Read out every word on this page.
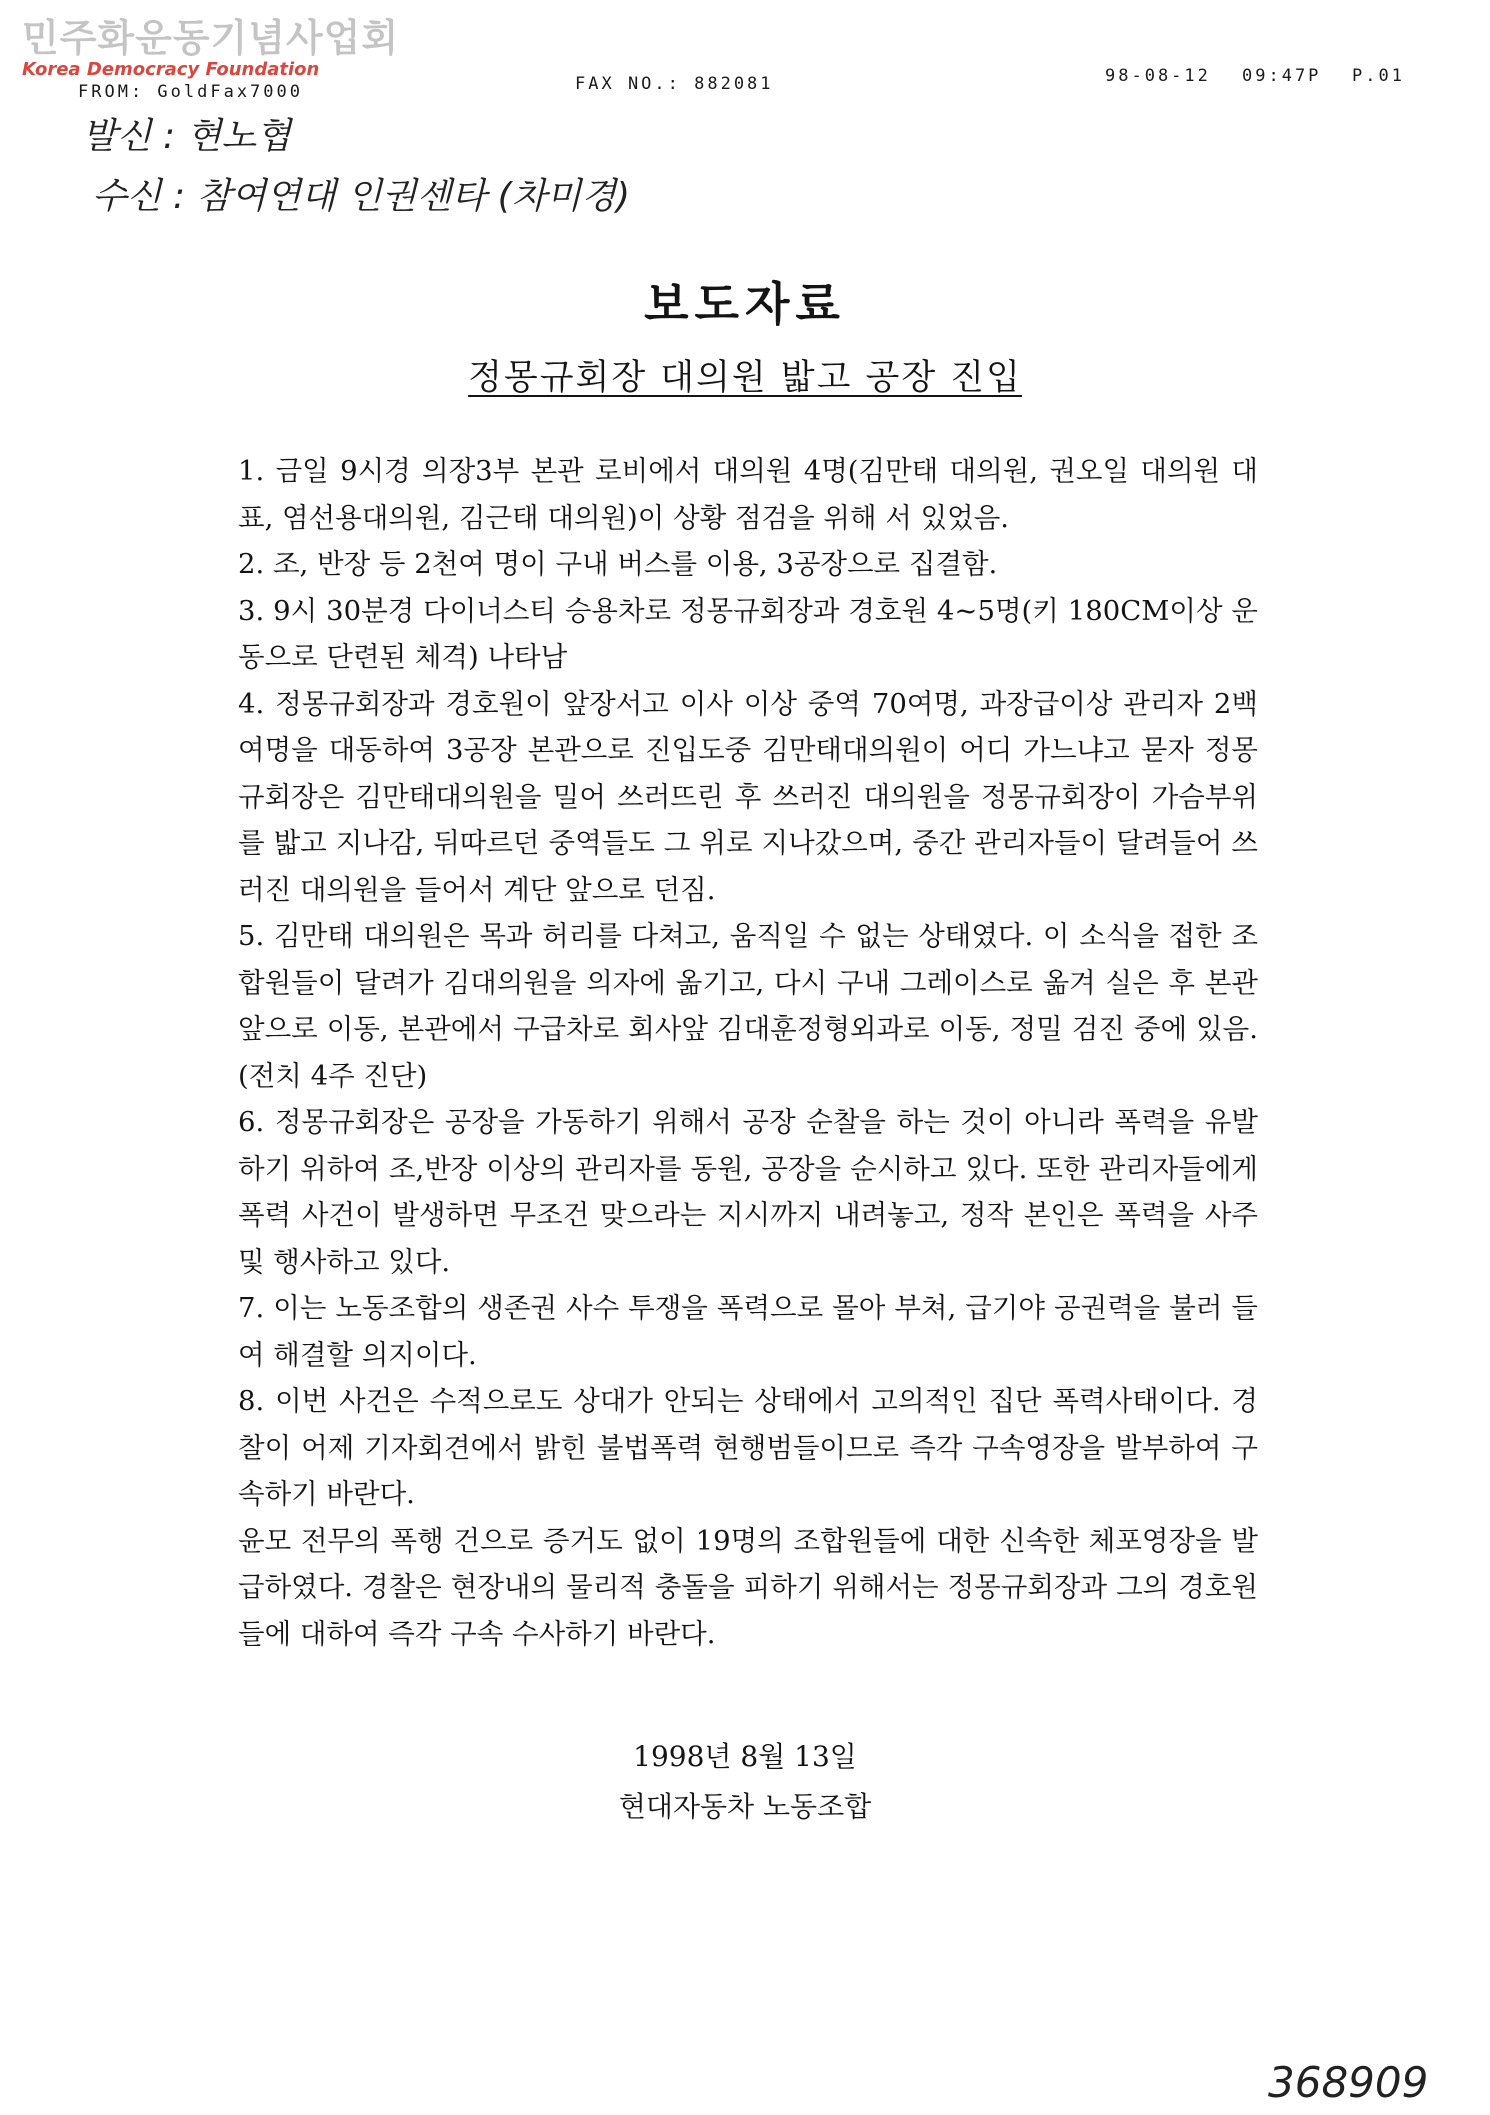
민주화운동기념사업회
Korea Democracy Foundation
FROM: GoldFax7000	FAX NO.: 882081	98-08-12 09:47P P.01
발신 : 현노협
수신 : 참여연대 인권센타 (차미경)
보도자료
정몽규회장 대의원 밟고 공장 진입

1. 금일 9시경 의장3부 본관 로비에서 대의원 4명(김만태 대의원, 권오일 대의원 대표, 염선용대의원, 김근태 대의원)이 상황 점검을 위해 서 있었음.

2. 조, 반장 등 2천여 명이 구내 버스를 이용, 3공장으로 집결함.

3. 9시 30분경 다이너스티 승용차로 정몽규회장과 경호원 4~5명(키 180CM이상 운동으로 단련된 체격) 나타남

4. 정몽규회장과 경호원이 앞장서고 이사 이상 중역 70여명, 과장급이상 관리자 2백여명을 대동하여 3공장 본관으로 진입도중 김만태대의원이 어디 가느냐고 묻자 정몽규회장은 김만태대의원을 밀어 쓰러뜨린 후 쓰러진 대의원을 정몽규회장이 가슴부위를 밟고 지나감, 뒤따르던 중역들도 그 위로 지나갔으며, 중간 관리자들이 달려들어 쓰러진 대의원을 들어서 계단 앞으로 던짐.

5. 김만태 대의원은 목과 허리를 다쳐고, 움직일 수 없는 상태였다. 이 소식을 접한 조합원들이 달려가 김대의원을 의자에 옮기고, 다시 구내 그레이스로 옮겨 실은 후 본관 앞으로 이동, 본관에서 구급차로 회사앞 김대훈정형외과로 이동, 정밀 검진 중에 있음.(전치 4주 진단)

6. 정몽규회장은 공장을 가동하기 위해서 공장 순찰을 하는 것이 아니라 폭력을 유발하기 위하여 조,반장 이상의 관리자를 동원, 공장을 순시하고 있다. 또한 관리자들에게 폭력 사건이 발생하면 무조건 맞으라는 지시까지 내려놓고, 정작 본인은 폭력을 사주 및 행사하고 있다.

7. 이는 노동조합의 생존권 사수 투쟁을 폭력으로 몰아 부쳐, 급기야 공권력을 불러 들여 해결할 의지이다.

8. 이번 사건은 수적으로도 상대가 안되는 상태에서 고의적인 집단 폭력사태이다. 경찰이 어제 기자회견에서 밝힌 불법폭력 현행범들이므로 즉각 구속영장을 발부하여 구속하기 바란다.

윤모 전무의 폭행 건으로 증거도 없이 19명의 조합원들에 대한 신속한 체포영장을 발급하였다. 경찰은 현장내의 물리적 충돌을 피하기 위해서는 정몽규회장과 그의 경호원들에 대하여 즉각 구속 수사하기 바란다.

1998년 8월 13일
현대자동차 노동조합
368909
